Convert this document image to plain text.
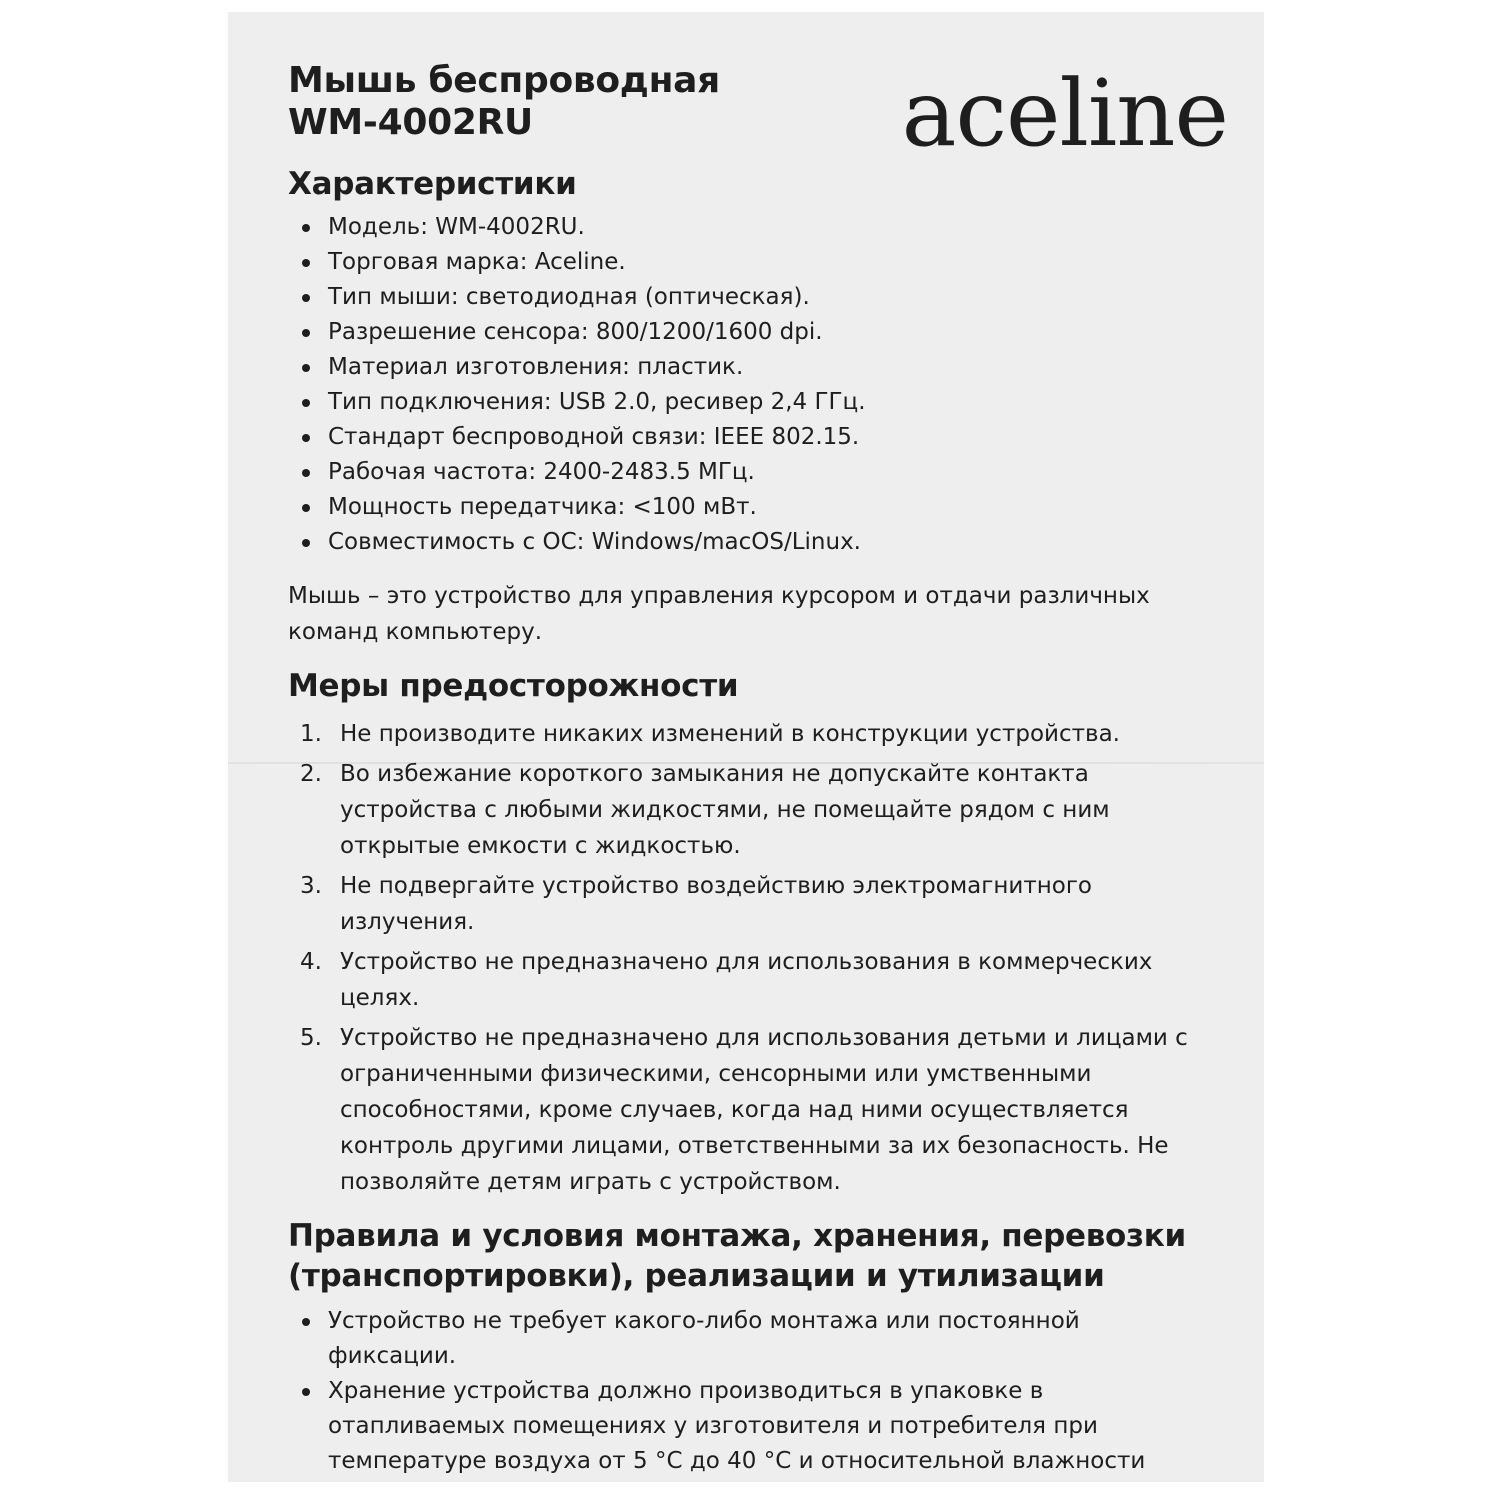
aceline
Мышь беспроводная
WM-4002RU
Характеристики
Модель: WM-4002RU.
Торговая марка: Aceline.
Тип мыши: светодиодная (оптическая).
Разрешение сенсора: 800/1200/1600 dpi.
Материал изготовления: пластик.
Тип подключения: USB 2.0, ресивер 2,4 ГГц.
Стандарт беспроводной связи: IEEE 802.15.
Рабочая частота: 2400-2483.5 МГц.
Мощность передатчика: <100 мВт.
Совместимость с ОС: Windows/macOS/Linux.

Мышь – это устройство для управления курсором и отдачи различных команд компьютеру.

Меры предосторожности
1. Не производите никаких изменений в конструкции устройства.
2. Во избежание короткого замыкания не допускайте контакта устройства с любыми жидкостями, не помещайте рядом с ним открытые емкости с жидкостью.
3. Не подвергайте устройство воздействию электромагнитного излучения.
4. Устройство не предназначено для использования в коммерческих целях.
5. Устройство не предназначено для использования детьми и лицами с ограниченными физическими, сенсорными или умственными способностями, кроме случаев, когда над ними осуществляется контроль другими лицами, ответственными за их безопасность. Не позволяйте детям играть с устройством.
Правила и условия монтажа, хранения, перевозки (транспортировки), реализации и утилизации
Устройство не требует какого-либо монтажа или постоянной фиксации.
Хранение устройства должно производиться в упаковке в отапливаемых помещениях у изготовителя и потребителя при температуре воздуха от 5 °С до 40 °С и относительной влажности
